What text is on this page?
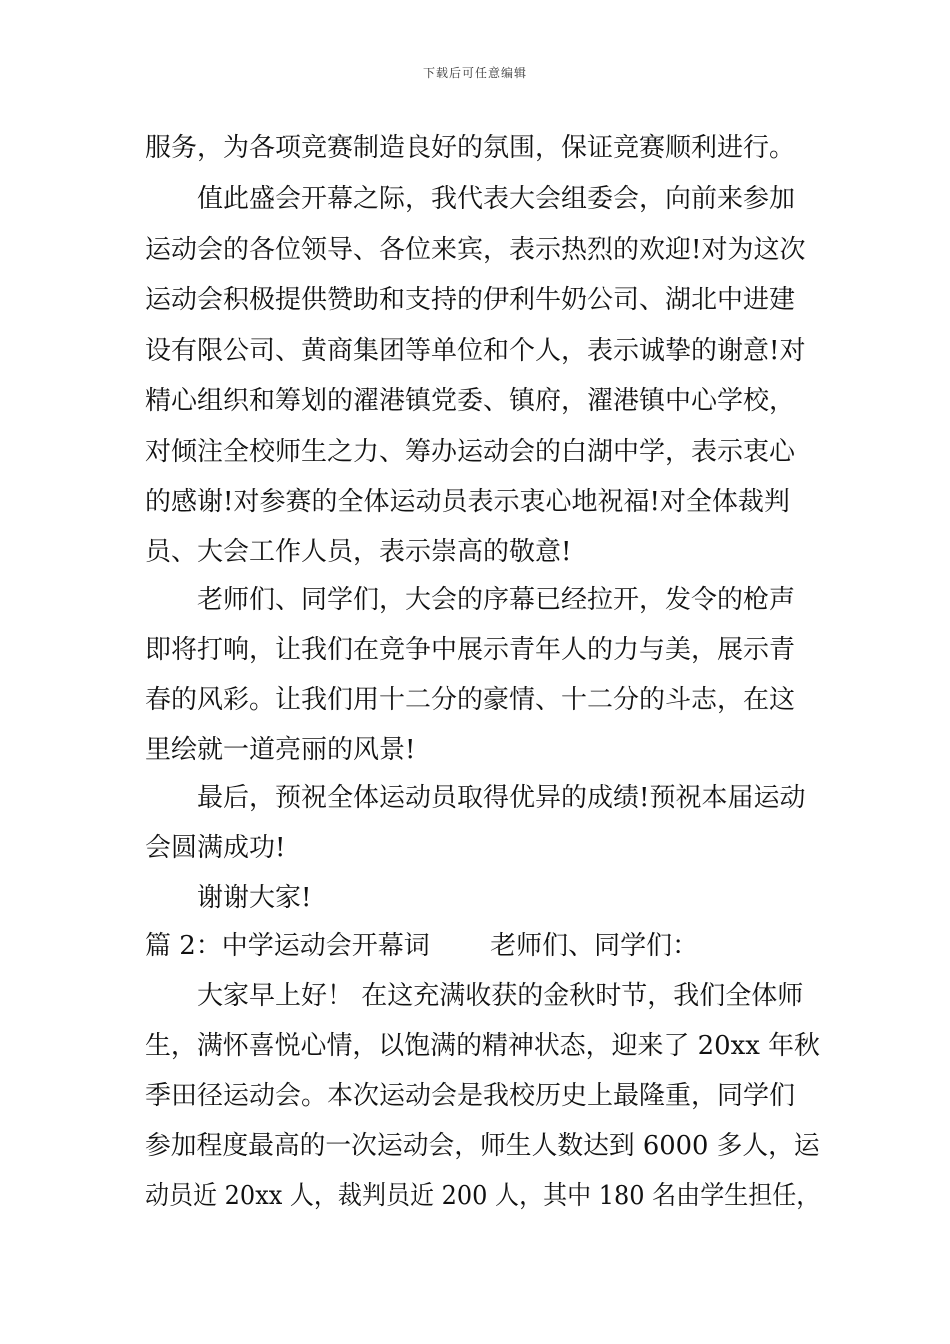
下载后可任意编辑
服务，为各项竞赛制造良好的氛围，保证竞赛顺利进行。
值此盛会开幕之际，我代表大会组委会，向前来参加
运动会的各位领导、各位来宾，表示热烈的欢迎!对为这次
运动会积极提供赞助和支持的伊利牛奶公司、湖北中进建
设有限公司、黄商集团等单位和个人，表示诚挚的谢意!对
精心组织和筹划的濯港镇党委、镇府，濯港镇中心学校，
对倾注全校师生之力、筹办运动会的白湖中学，表示衷心
的感谢!对参赛的全体运动员表示衷心地祝福!对全体裁判
员、大会工作人员，表示崇高的敬意!
老师们、同学们，大会的序幕已经拉开，发令的枪声
即将打响，让我们在竞争中展示青年人的力与美，展示青
春的风彩。让我们用十二分的豪情、十二分的斗志，在这
里绘就一道亮丽的风景!
最后，预祝全体运动员取得优异的成绩!预祝本届运动
会圆满成功!
谢谢大家!
篇 2：中学运动会开幕词　　 老师们、同学们：
大家早上好！ 在这充满收获的金秋时节，我们全体师
生，满怀喜悦心情，以饱满的精神状态，迎来了 20xx 年秋
季田径运动会。本次运动会是我校历史上最隆重，同学们
参加程度最高的一次运动会，师生人数达到 6000 多人，运
动员近 20xx 人，裁判员近 200 人，其中 180 名由学生担任，
